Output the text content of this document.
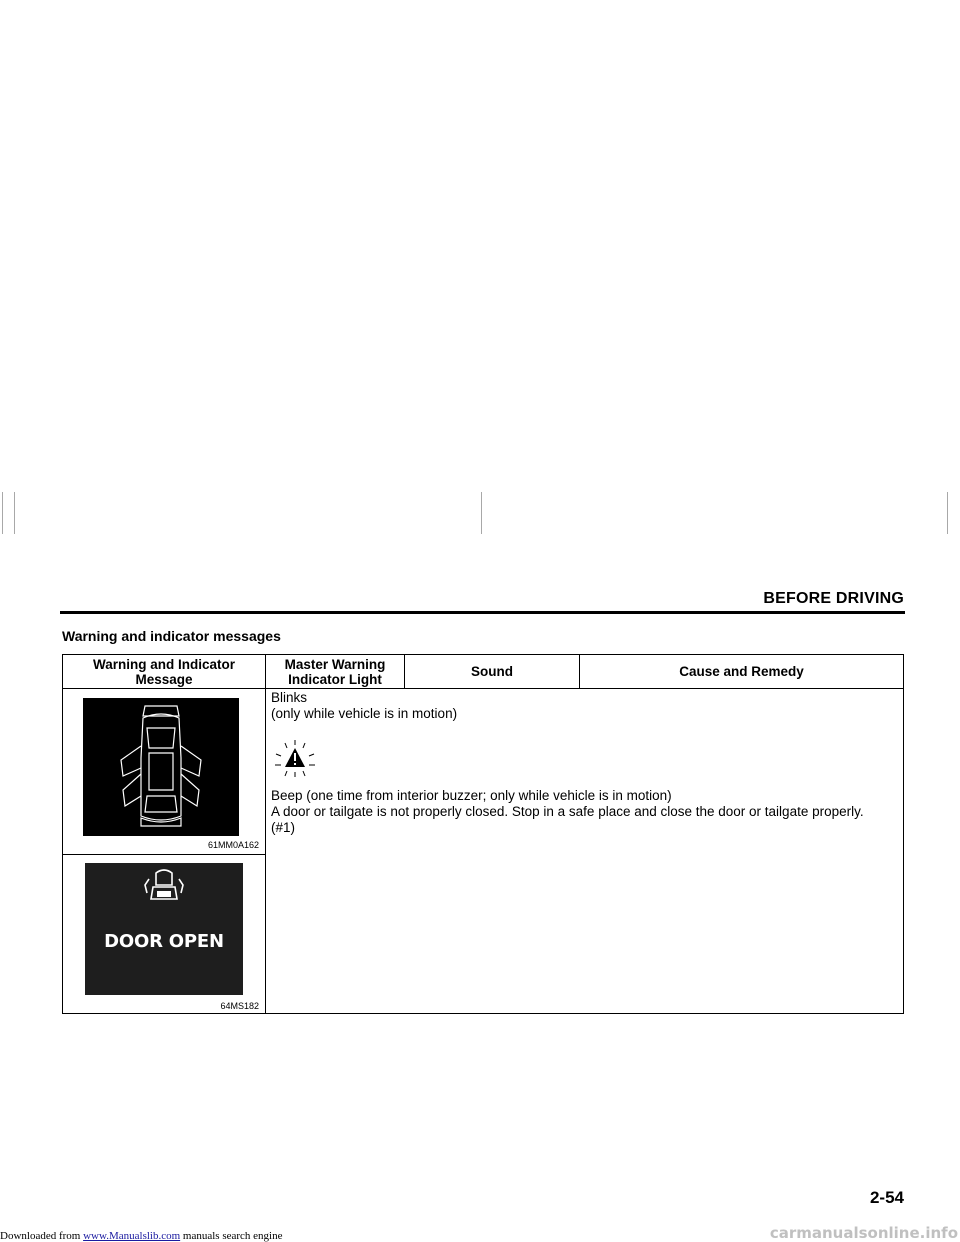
BEFORE DRIVING
Warning and indicator messages
Warning and Indicator Message	Master Warning Indicator Light	Sound	Cause and Remedy

61MM0A162	Blinks

(only while vehicle is in motion)

Beep (one time from interior buzzer; only while vehicle is in motion)

A door or tailgate is not properly closed. Stop in a safe place and close the door or tailgate properly.

(#1)		

DOOR OPEN
64MS182			
2-54
Downloaded from www.Manualslib.com manuals search engine	carmanualsonline.info
